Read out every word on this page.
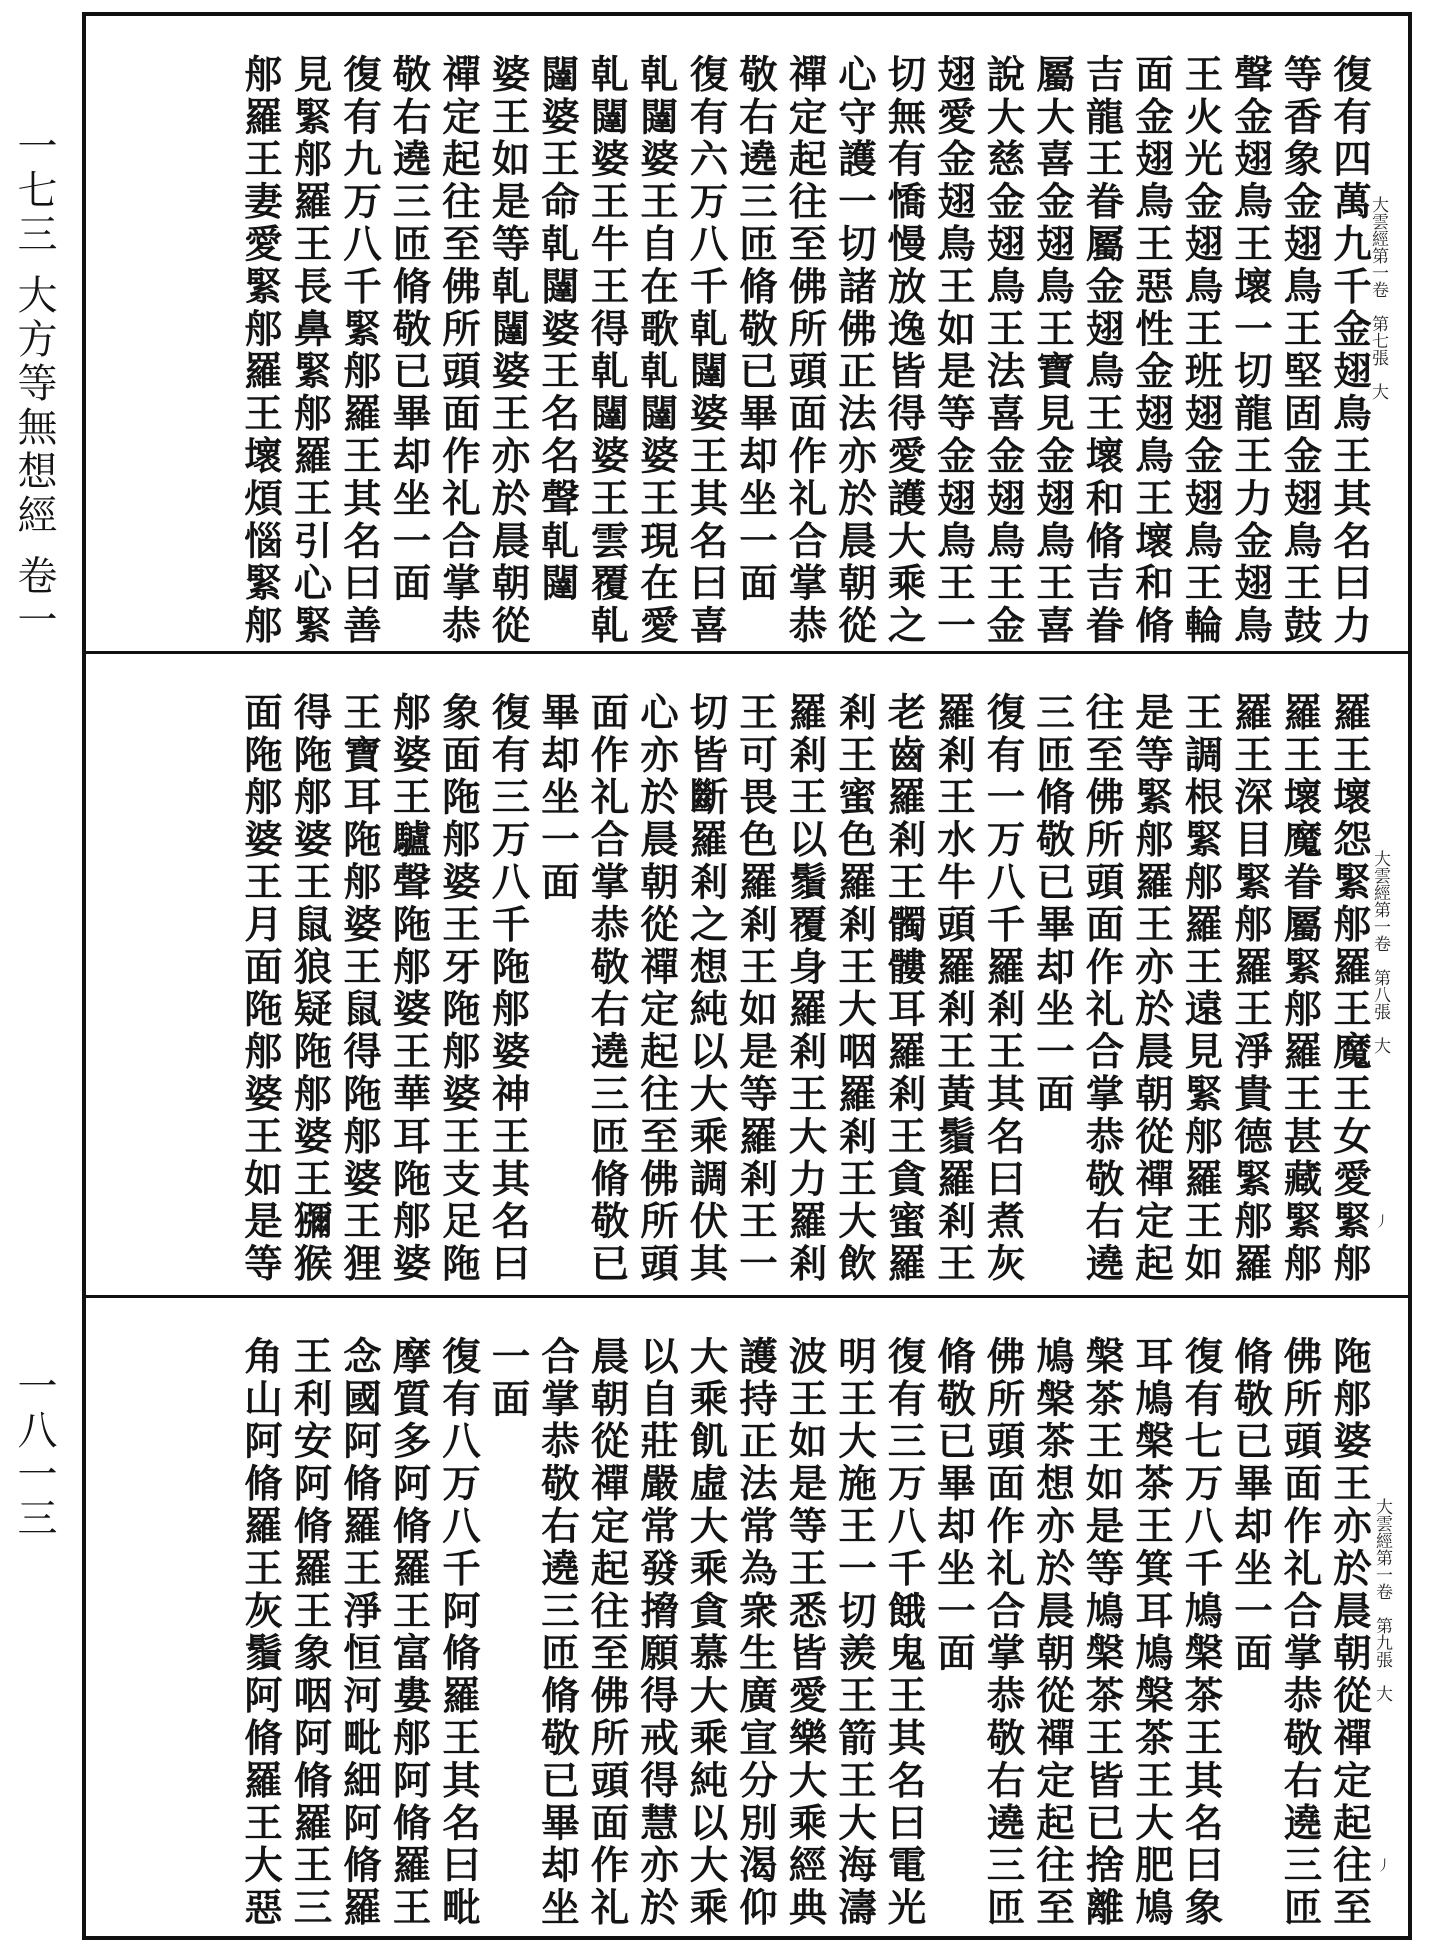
一七三 大方等無想經 卷一
一八一三
大雲經第一卷　第七張　大
復有四萬九千金翅鳥王其名曰力
等香象金翅鳥王堅固金翅鳥王鼓
聲金翅鳥王壞一切龍王力金翅鳥
王火光金翅鳥王班翅金翅鳥王輪
面金翅鳥王惡性金翅鳥王壞和脩
吉龍王眷屬金翅鳥王壞和脩吉眷
屬大喜金翅鳥王寶見金翅鳥王喜
說大慈金翅鳥王法喜金翅鳥王金
翅愛金翅鳥王如是等金翅鳥王一
切無有憍慢放逸皆得愛護大乘之
心守護一切諸佛正法亦於晨朝從
禪定起往至佛所頭面作礼合掌恭
敬右遶三匝脩敬已畢却坐一面
復有六万八千乹闥婆王其名曰喜
乹闥婆王自在歌乹闥婆王現在愛
乹闥婆王牛王得乹闥婆王雲覆乹
闥婆王命乹闥婆王名名聲乹闥
婆王如是等乹闥婆王亦於晨朝從
禪定起往至佛所頭面作礼合掌恭
敬右遶三匝脩敬已畢却坐一面
復有九万八千緊郍羅王其名曰善
見緊郍羅王長鼻緊郍羅王引心緊
郍羅王妻愛緊郍羅王壞煩惱緊郍
大雲經第一卷　第八張　大
丿
羅王壞怨緊郍羅王魔王女愛緊郍
羅王壞魔眷屬緊郍羅王甚藏緊郍
羅王深目緊郍羅王淨貴德緊郍羅
王調根緊郍羅王遠見緊郍羅王如
是等緊郍羅王亦於晨朝從禪定起
往至佛所頭面作礼合掌恭敬右遶
三匝脩敬已畢却坐一面
復有一万八千羅剎王其名曰煮灰
羅剎王水牛頭羅剎王黃鬚羅剎王
老齒羅剎王髑髏耳羅剎王貪蜜羅
剎王蜜色羅剎王大咽羅剎王大飲
羅剎王以鬚覆身羅剎王大力羅剎
王可畏色羅剎王如是等羅剎王一
切皆斷羅剎之想純以大乘調伏其
心亦於晨朝從禪定起往至佛所頭
面作礼合掌恭敬右遶三匝脩敬已
畢却坐一面
復有三万八千陁郍婆神王其名曰
象面陁郍婆王牙陁郍婆王支足陁
郍婆王驢聲陁郍婆王華耳陁郍婆
王寶耳陁郍婆王鼠得陁郍婆王狸
得陁郍婆王鼠狼疑陁郍婆王獼猴
面陁郍婆王月面陁郍婆王如是等
大雲經第一卷　第九張　大
丿
陁郍婆王亦於晨朝從禪定起往至
佛所頭面作礼合掌恭敬右遶三匝
脩敬已畢却坐一面
復有七万八千鳩槃茶王其名曰象
耳鳩槃茶王箕耳鳩槃茶王大肥鳩
槃茶王如是等鳩槃茶王皆已捨離
鳩槃茶想亦於晨朝從禪定起往至
佛所頭面作礼合掌恭敬右遶三匝
脩敬已畢却坐一面
復有三万八千餓鬼王其名曰電光
明王大施王一切羨王箭王大海濤
波王如是等王悉皆愛樂大乘經典
護持正法常為衆生廣宣分別渴仰
大乘飢虛大乘貪慕大乘純以大乘
以自莊嚴常發搚願得戒得慧亦於
晨朝從禪定起往至佛所頭面作礼
合掌恭敬右遶三匝脩敬已畢却坐
一面
復有八万八千阿脩羅王其名曰毗
摩質多阿脩羅王富婁郍阿脩羅王
念國阿脩羅王淨恒河毗細阿脩羅
王利安阿脩羅王象咽阿脩羅王三
角山阿脩羅王灰鬚阿脩羅王大惡
